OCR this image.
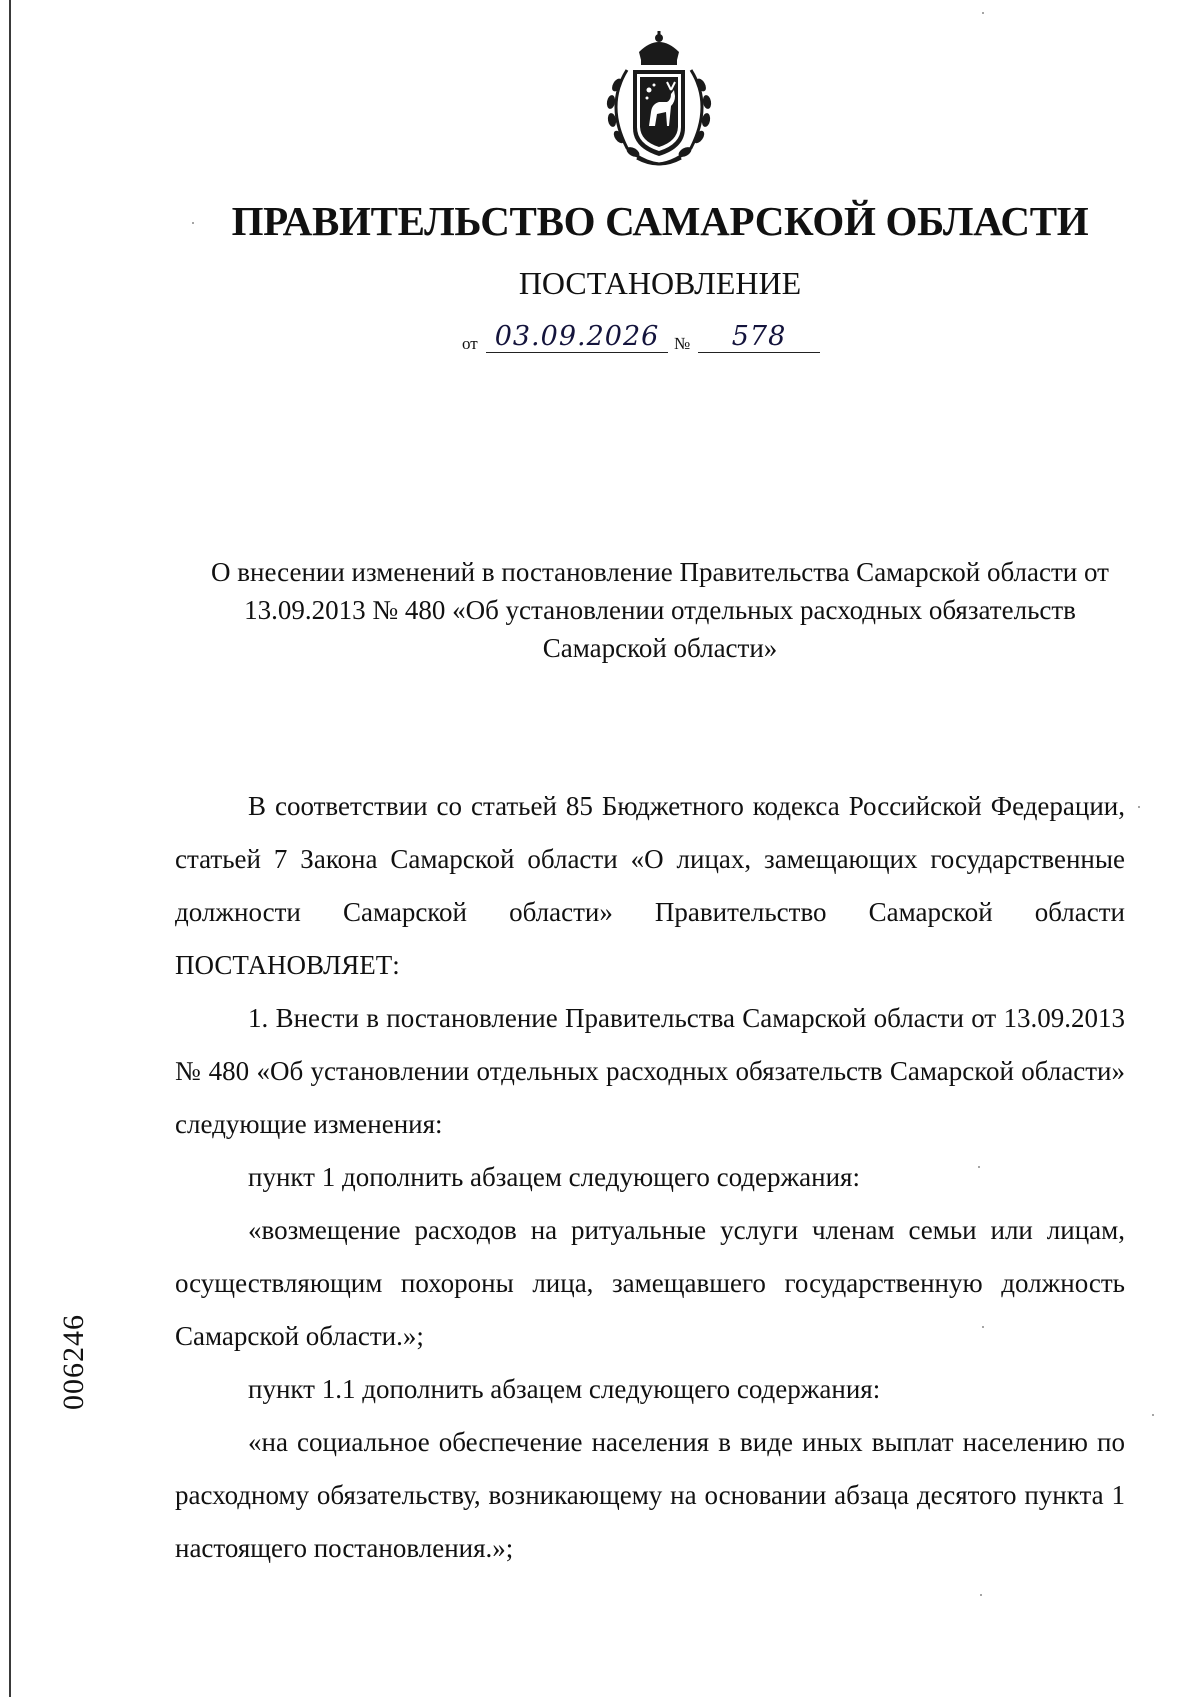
ПРАВИТЕЛЬСТВО САМАРСКОЙ ОБЛАСТИ
ПОСТАНОВЛЕНИЕ
от 03.09.2026 №	578
О внесении изменений в постановление Правительства Самарской области от 13.09.2013 № 480 «Об установлении отдельных расходных обязательств Самарской области»

В соответствии со статьей 85 Бюджетного кодекса Российской Федерации, статьей 7 Закона Самарской области «О лицах, замещающих государственные должности Самарской области» Правительство Самарской области ПОСТАНОВЛЯЕТ:

1. Внести в постановление Правительства Самарской области от 13.09.2013 № 480 «Об установлении отдельных расходных обязательств Самарской области» следующие изменения:

пункт 1 дополнить абзацем следующего содержания:

«возмещение расходов на ритуальные услуги членам семьи или лицам, осуществляющим похороны лица, замещавшего государственную должность Самарской области.»;

пункт 1.1 дополнить абзацем следующего содержания:

«на социальное обеспечение населения в виде иных выплат населению по расходному обязательству, возникающему на основании абзаца десятого пункта 1 настоящего постановления.»;

006246
